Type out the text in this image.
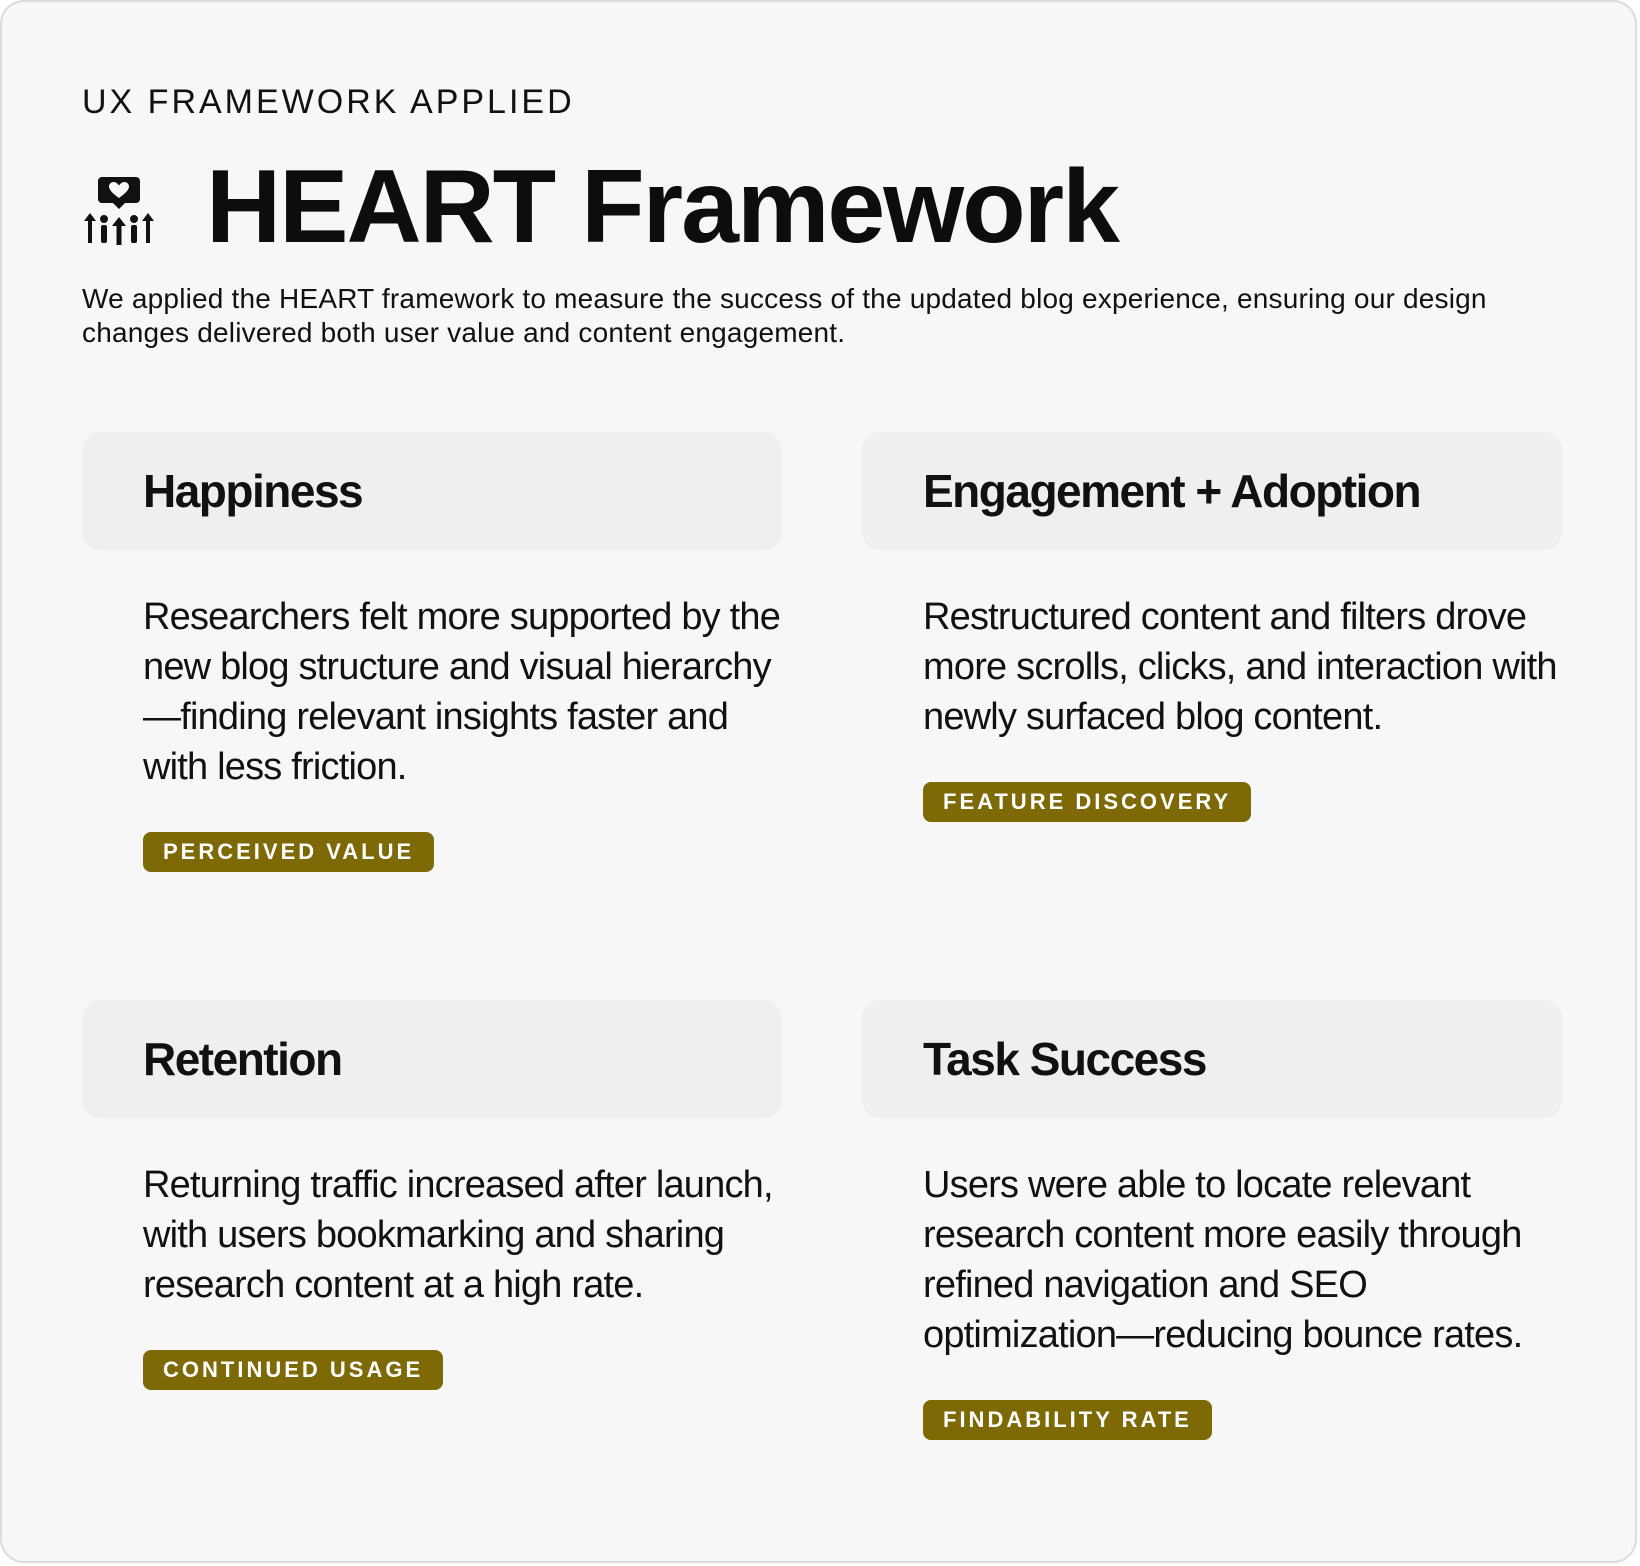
UX FRAMEWORK APPLIED
HEART Framework
We applied the HEART framework to measure the success of the updated blog experience, ensuring our design changes delivered both user value and content engagement.
Happiness
Researchers felt more supported by the new blog structure and visual hierarchy—finding relevant insights faster and with less friction.
PERCEIVED VALUE
Engagement + Adoption
Restructured content and filters drove more scrolls, clicks, and interaction with newly surfaced blog content.
FEATURE DISCOVERY
Retention
Returning traffic increased after launch, with users bookmarking and sharing research content at a high rate.
CONTINUED USAGE
Task Success
Users were able to locate relevant research content more easily through refined navigation and SEO optimization—reducing bounce rates.
FINDABILITY RATE
